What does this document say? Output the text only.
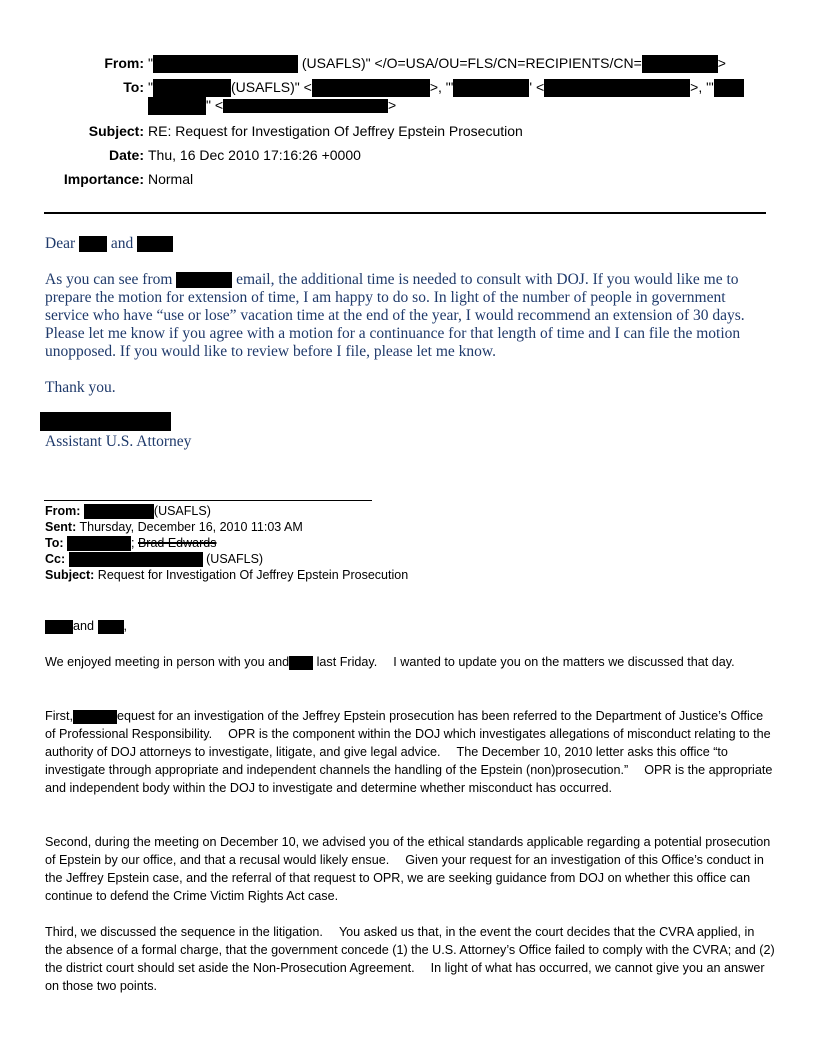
From: "	(USAFLS)" </O=USA/OU=FLS/CN=RECIPIENTS/CN=	>
To: "	(USAFLS)" <	>, "'	' <	>, "'
" <	>
Subject: RE: Request for Investigation Of Jeffrey Epstein Prosecution
Date: Thu, 16 Dec 2010 17:16:26 +0000
Importance: Normal
Dear and
As you can see from	email, the additional time is needed to consult with DOJ. If you would like me to prepare the motion for extension of time, I am happy to do so. In light of the number of people in government service who have “use or lose” vacation time at the end of the year, I would recommend an extension of 30 days. Please let me know if you agree with a motion for a continuance for that length of time and I can file the motion unopposed. If you would like to review before I file, please let me know.
Thank you.
Assistant U.S. Attorney
From:	(USAFLS)
Sent: Thursday, December 16, 2010 11:03 AM
To:	; Brad Edwards
Cc:	(USAFLS)
Subject: Request for Investigation Of Jeffrey Epstein Prosecution
and ,
We enjoyed meeting in person with you and last Friday. I wanted to update you on the matters we discussed that day.
First,	equest for an investigation of the Jeffrey Epstein prosecution has been referred to the Department of Justice’s Office of Professional Responsibility. OPR is the component within the DOJ which investigates allegations of misconduct relating to the authority of DOJ attorneys to investigate, litigate, and give legal advice. The December 10, 2010 letter asks this office “to investigate through appropriate and independent channels the handling of the Epstein (non)prosecution.” OPR is the appropriate and independent body within the DOJ to investigate and determine whether misconduct has occurred.
Second, during the meeting on December 10, we advised you of the ethical standards applicable regarding a potential prosecution of Epstein by our office, and that a recusal would likely ensue. Given your request for an investigation of this Office’s conduct in the Jeffrey Epstein case, and the referral of that request to OPR, we are seeking guidance from DOJ on whether this office can continue to defend the Crime Victim Rights Act case.
Third, we discussed the sequence in the litigation. You asked us that, in the event the court decides that the CVRA applied, in the absence of a formal charge, that the government concede (1) the U.S. Attorney’s Office failed to comply with the CVRA; and (2) the district court should set aside the Non-Prosecution Agreement. In light of what has occurred, we cannot give you an answer on those two points.
